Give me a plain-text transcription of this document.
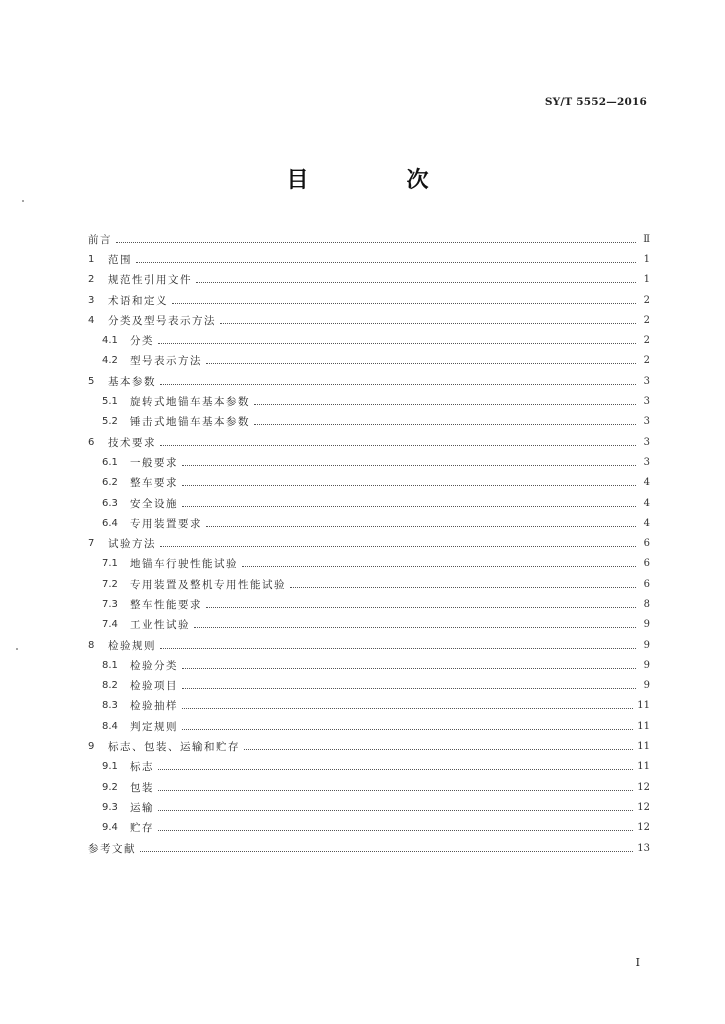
SY/T 5552—2016
目　次
前言	Ⅱ
1	范围	1
2	规范性引用文件	1
3	术语和定义	2
4	分类及型号表示方法	2
4.1	分类	2
4.2	型号表示方法	2
5	基本参数	3
5.1	旋转式地锚车基本参数	3
5.2	锤击式地锚车基本参数	3
6	技术要求	3
6.1	一般要求	3
6.2	整车要求	4
6.3	安全设施	4
6.4	专用装置要求	4
7	试验方法	6
7.1	地锚车行驶性能试验	6
7.2	专用装置及整机专用性能试验	6
7.3	整车性能要求	8
7.4	工业性试验	9
8	检验规则	9
8.1	检验分类	9
8.2	检验项目	9
8.3	检验抽样	11
8.4	判定规则	11
9	标志、包装、运输和贮存	11
9.1	标志	11
9.2	包装	12
9.3	运输	12
9.4	贮存	12
参考文献	13
Ⅰ
